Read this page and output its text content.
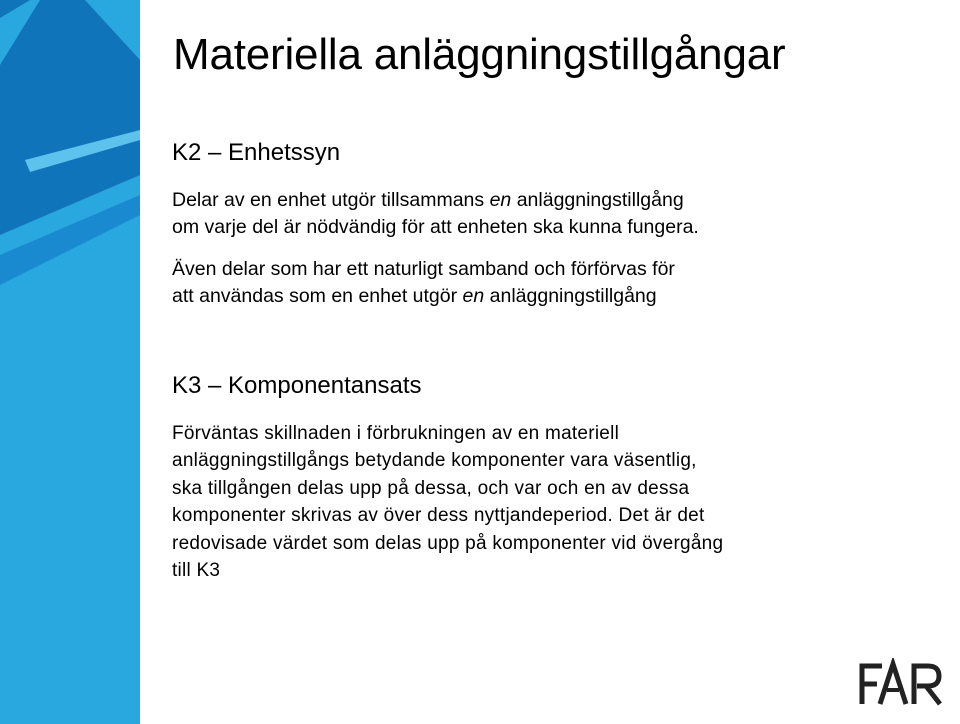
Materiella anläggningstillgångar
K2 – Enhetssyn

Delar av en enhet utgör tillsammans en anläggningstillgång
om varje del är nödvändig för att enheten ska kunna fungera.

Även delar som har ett naturligt samband och förförvas för
att användas som en enhet utgör en anläggningstillgång

K3 – Komponentansats

Förväntas skillnaden i förbrukningen av en materiell
anläggningstillgångs betydande komponenter vara väsentlig,
ska tillgången delas upp på dessa, och var och en av dessa
komponenter skrivas av över dess nyttjandeperiod. Det är det
redovisade värdet som delas upp på komponenter vid övergång
till K3
